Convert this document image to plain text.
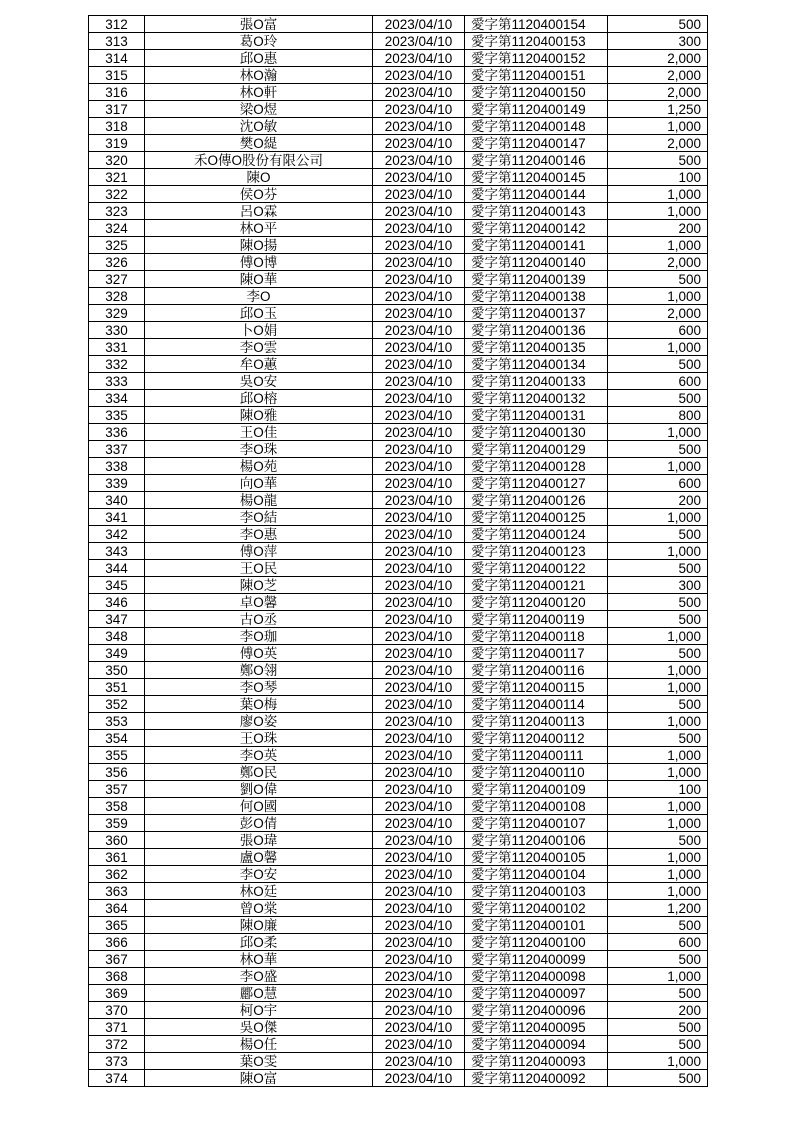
312	張O富	2023/04/10	愛字第1120400154	500
313	葛O玲	2023/04/10	愛字第1120400153	300
314	邱O惠	2023/04/10	愛字第1120400152	2,000
315	林O瀚	2023/04/10	愛字第1120400151	2,000
316	林O軒	2023/04/10	愛字第1120400150	2,000
317	梁O煜	2023/04/10	愛字第1120400149	1,250
318	沈O敏	2023/04/10	愛字第1120400148	1,000
319	樊O緹	2023/04/10	愛字第1120400147	2,000
320	禾O傳O股份有限公司	2023/04/10	愛字第1120400146	500
321	陳O	2023/04/10	愛字第1120400145	100
322	侯O芬	2023/04/10	愛字第1120400144	1,000
323	呂O霖	2023/04/10	愛字第1120400143	1,000
324	林O平	2023/04/10	愛字第1120400142	200
325	陳O揚	2023/04/10	愛字第1120400141	1,000
326	傅O博	2023/04/10	愛字第1120400140	2,000
327	陳O華	2023/04/10	愛字第1120400139	500
328	李O	2023/04/10	愛字第1120400138	1,000
329	邱O玉	2023/04/10	愛字第1120400137	2,000
330	卜O娟	2023/04/10	愛字第1120400136	600
331	李O雲	2023/04/10	愛字第1120400135	1,000
332	牟O蕙	2023/04/10	愛字第1120400134	500
333	吳O安	2023/04/10	愛字第1120400133	600
334	邱O榕	2023/04/10	愛字第1120400132	500
335	陳O雅	2023/04/10	愛字第1120400131	800
336	王O佳	2023/04/10	愛字第1120400130	1,000
337	李O珠	2023/04/10	愛字第1120400129	500
338	楊O苑	2023/04/10	愛字第1120400128	1,000
339	向O華	2023/04/10	愛字第1120400127	600
340	楊O龍	2023/04/10	愛字第1120400126	200
341	李O結	2023/04/10	愛字第1120400125	1,000
342	李O惠	2023/04/10	愛字第1120400124	500
343	傅O萍	2023/04/10	愛字第1120400123	1,000
344	王O民	2023/04/10	愛字第1120400122	500
345	陳O芝	2023/04/10	愛字第1120400121	300
346	卓O馨	2023/04/10	愛字第1120400120	500
347	古O丞	2023/04/10	愛字第1120400119	500
348	李O珈	2023/04/10	愛字第1120400118	1,000
349	傅O英	2023/04/10	愛字第1120400117	500
350	鄭O翎	2023/04/10	愛字第1120400116	1,000
351	李O琴	2023/04/10	愛字第1120400115	1,000
352	葉O梅	2023/04/10	愛字第1120400114	500
353	廖O姿	2023/04/10	愛字第1120400113	1,000
354	王O珠	2023/04/10	愛字第1120400112	500
355	李O英	2023/04/10	愛字第1120400111	1,000
356	鄭O民	2023/04/10	愛字第1120400110	1,000
357	劉O偉	2023/04/10	愛字第1120400109	100
358	何O國	2023/04/10	愛字第1120400108	1,000
359	彭O倩	2023/04/10	愛字第1120400107	1,000
360	張O瑋	2023/04/10	愛字第1120400106	500
361	盧O馨	2023/04/10	愛字第1120400105	1,000
362	李O安	2023/04/10	愛字第1120400104	1,000
363	林O廷	2023/04/10	愛字第1120400103	1,000
364	曾O棠	2023/04/10	愛字第1120400102	1,200
365	陳O廉	2023/04/10	愛字第1120400101	500
366	邱O柔	2023/04/10	愛字第1120400100	600
367	林O華	2023/04/10	愛字第1120400099	500
368	李O盛	2023/04/10	愛字第1120400098	1,000
369	酈O慧	2023/04/10	愛字第1120400097	500
370	柯O宇	2023/04/10	愛字第1120400096	200
371	吳O傑	2023/04/10	愛字第1120400095	500
372	楊O任	2023/04/10	愛字第1120400094	500
373	葉O雯	2023/04/10	愛字第1120400093	1,000
374	陳O富	2023/04/10	愛字第1120400092	500
